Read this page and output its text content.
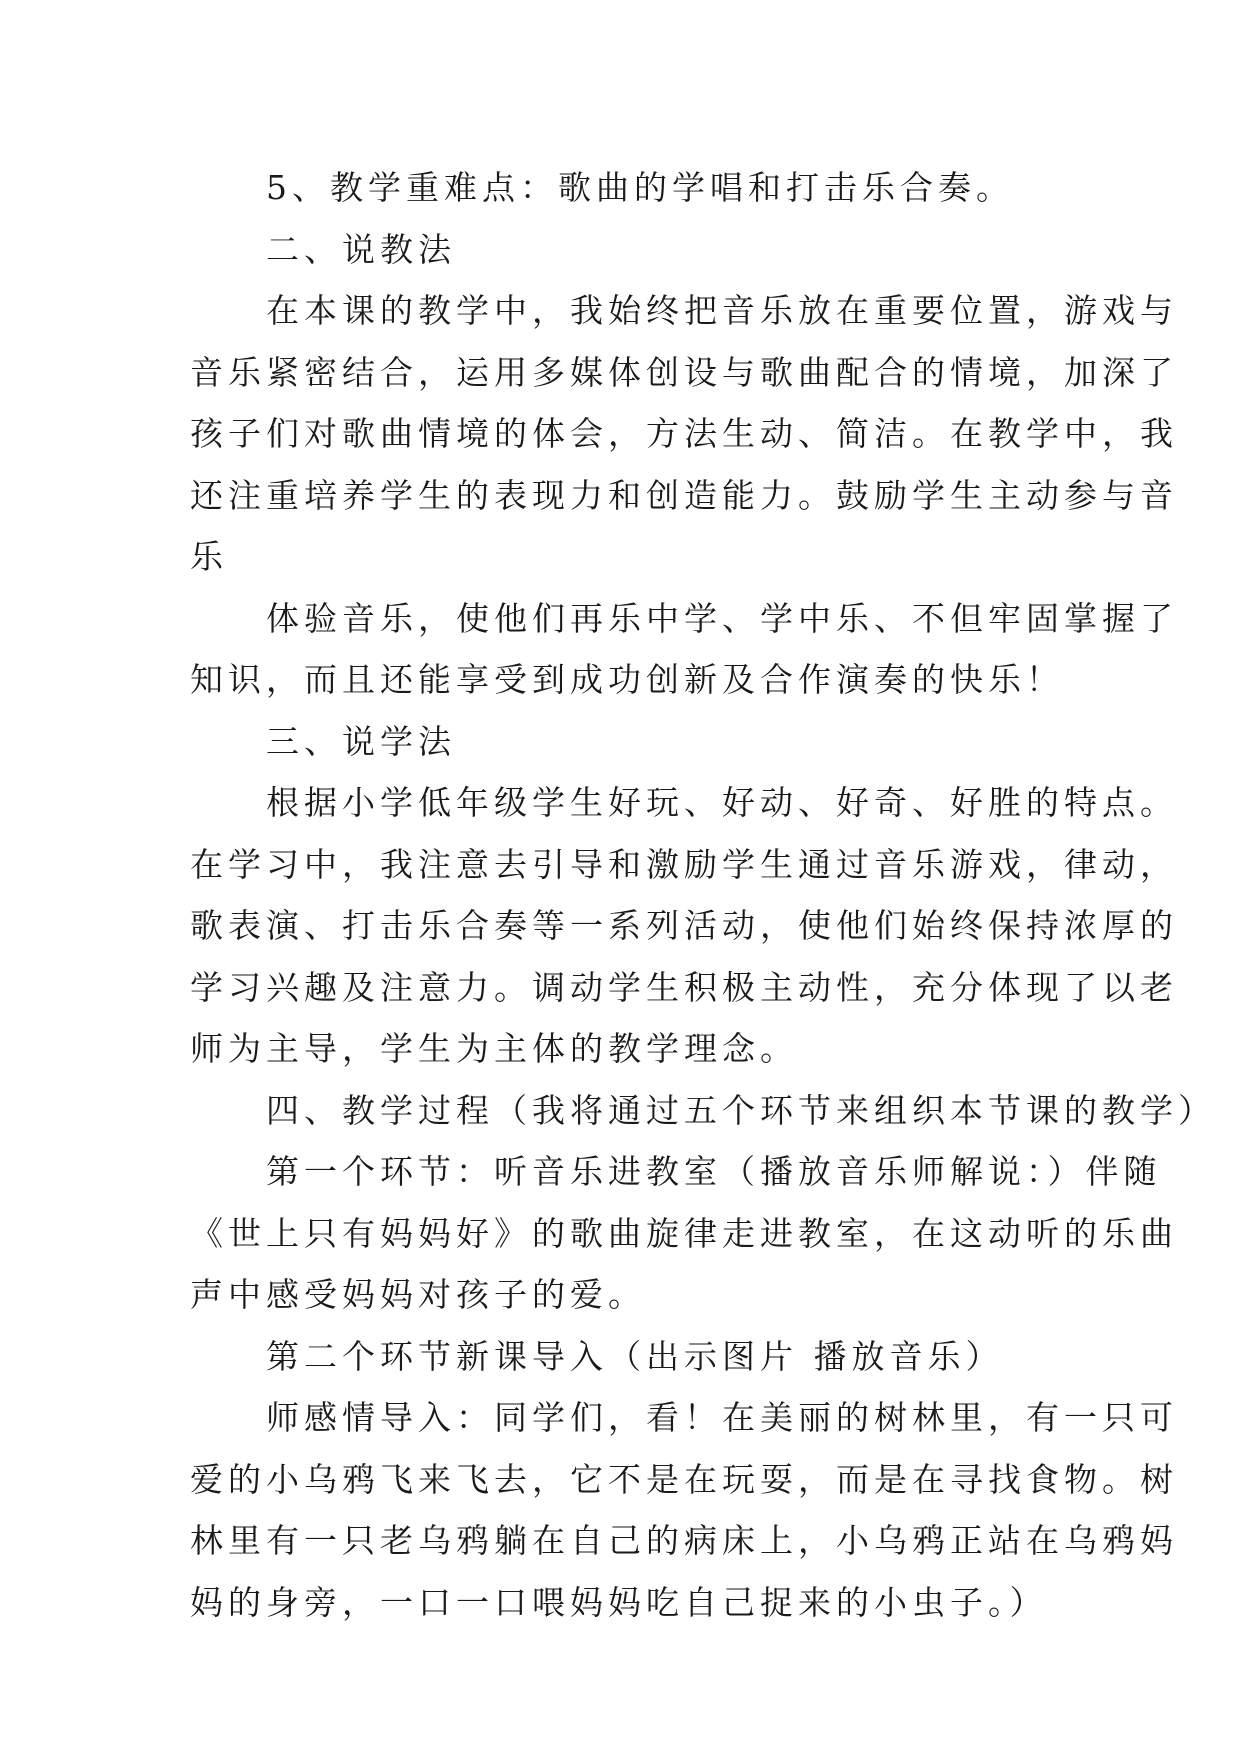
　　5、教学重难点：歌曲的学唱和打击乐合奏。
　　二、说教法
　　在本课的教学中，我始终把音乐放在重要位置，游戏与
音乐紧密结合，运用多媒体创设与歌曲配合的情境，加深了
孩子们对歌曲情境的体会，方法生动、简洁。在教学中，我
还注重培养学生的表现力和创造能力。鼓励学生主动参与音
乐
　　体验音乐，使他们再乐中学、学中乐、不但牢固掌握了
知识，而且还能享受到成功创新及合作演奏的快乐！
　　三、说学法
　　根据小学低年级学生好玩、好动、好奇、好胜的特点。
在学习中，我注意去引导和激励学生通过音乐游戏，律动，
歌表演、打击乐合奏等一系列活动，使他们始终保持浓厚的
学习兴趣及注意力。调动学生积极主动性，充分体现了以老
师为主导，学生为主体的教学理念。
　　四、教学过程（我将通过五个环节来组织本节课的教学）
　　第一个环节：听音乐进教室（播放音乐师解说：）伴随
《世上只有妈妈好》的歌曲旋律走进教室，在这动听的乐曲
声中感受妈妈对孩子的爱。
　　第二个环节新课导入（出示图片 播放音乐）
　　师感情导入：同学们，看！在美丽的树林里，有一只可
爱的小乌鸦飞来飞去，它不是在玩耍，而是在寻找食物。树
林里有一只老乌鸦躺在自己的病床上，小乌鸦正站在乌鸦妈
妈的身旁，一口一口喂妈妈吃自己捉来的小虫子。）
